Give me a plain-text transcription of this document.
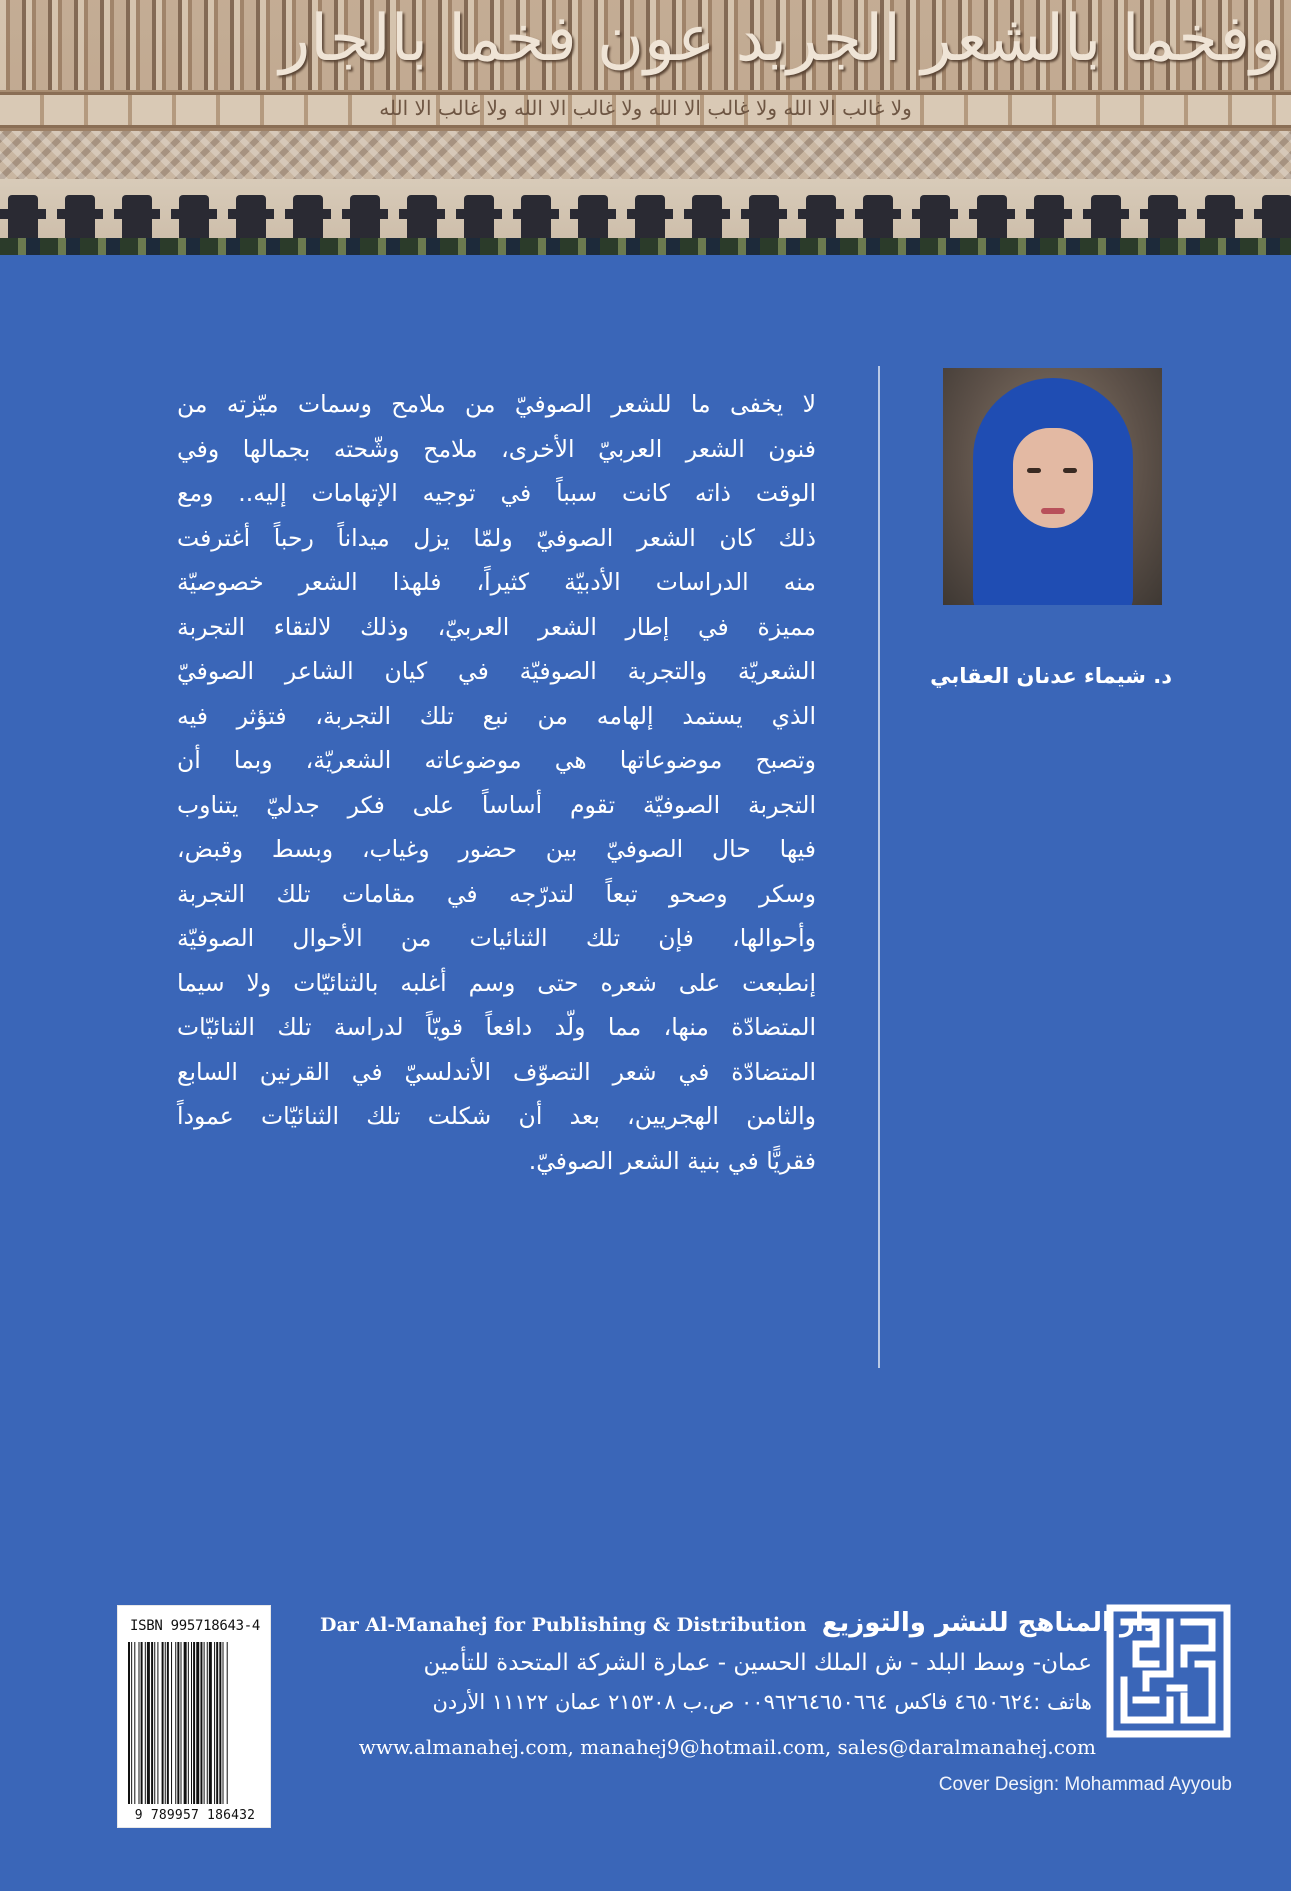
وفخما بالشعر الجريد عون فخما بالجار
ولا غالب الا الله ولا غالب الا الله ولا غالب الا الله ولا غالب الا الله
د. شيماء عدنان العقابي
لا يخفى ما للشعر الصوفيّ من ملامح وسمات ميّزته من
فنون الشعر العربيّ الأخرى، ملامح وشّحته بجمالها وفي
الوقت ذاته كانت سبباً في توجيه الإتهامات إليه.. ومع
ذلك كان الشعر الصوفيّ ولمّا يزل ميداناً رحباً أغترفت
منه الدراسات الأدبيّة كثيراً، فلهذا الشعر خصوصيّة
مميزة في إطار الشعر العربيّ، وذلك لالتقاء التجربة
الشعريّة والتجربة الصوفيّة في كيان الشاعر الصوفيّ
الذي يستمد إلهامه من نبع تلك التجربة، فتؤثر فيه
وتصبح موضوعاتها هي موضوعاته الشعريّة، وبما أن
التجربة الصوفيّة تقوم أساساً على فكر جدليّ يتناوب
فيها حال الصوفيّ بين حضور وغياب، وبسط وقبض،
وسكر وصحو تبعاً لتدرّجه في مقامات تلك التجربة
وأحوالها، فإن تلك الثنائيات من الأحوال الصوفيّة
إنطبعت على شعره حتى وسم أغلبه بالثنائيّات ولا سيما
المتضادّة منها، مما ولّد دافعاً قويّاً لدراسة تلك الثنائيّات
المتضادّة في شعر التصوّف الأندلسيّ في القرنين السابع
والثامن الهجريين، بعد أن شكلت تلك الثنائيّات عموداً
فقريًّا في بنية الشعر الصوفيّ.
ISBN 995718643-4
9 789957 186432
Dar Al-Manahej for Publishing & Distribution دار المناهج للنشر والتوزيع
عمان- وسط البلد - ش الملك الحسين - عمارة الشركة المتحدة للتأمين
هاتف :٤٦٥٠٦٢٤ فاكس ٠٠٩٦٢٦٤٦٥٠٦٦٤ ص.ب ٢١٥٣٠٨ عمان ١١١٢٢ الأردن
www.almanahej.com, manahej9@hotmail.com, sales@daralmanahej.com
Cover Design: Mohammad Ayyoub
